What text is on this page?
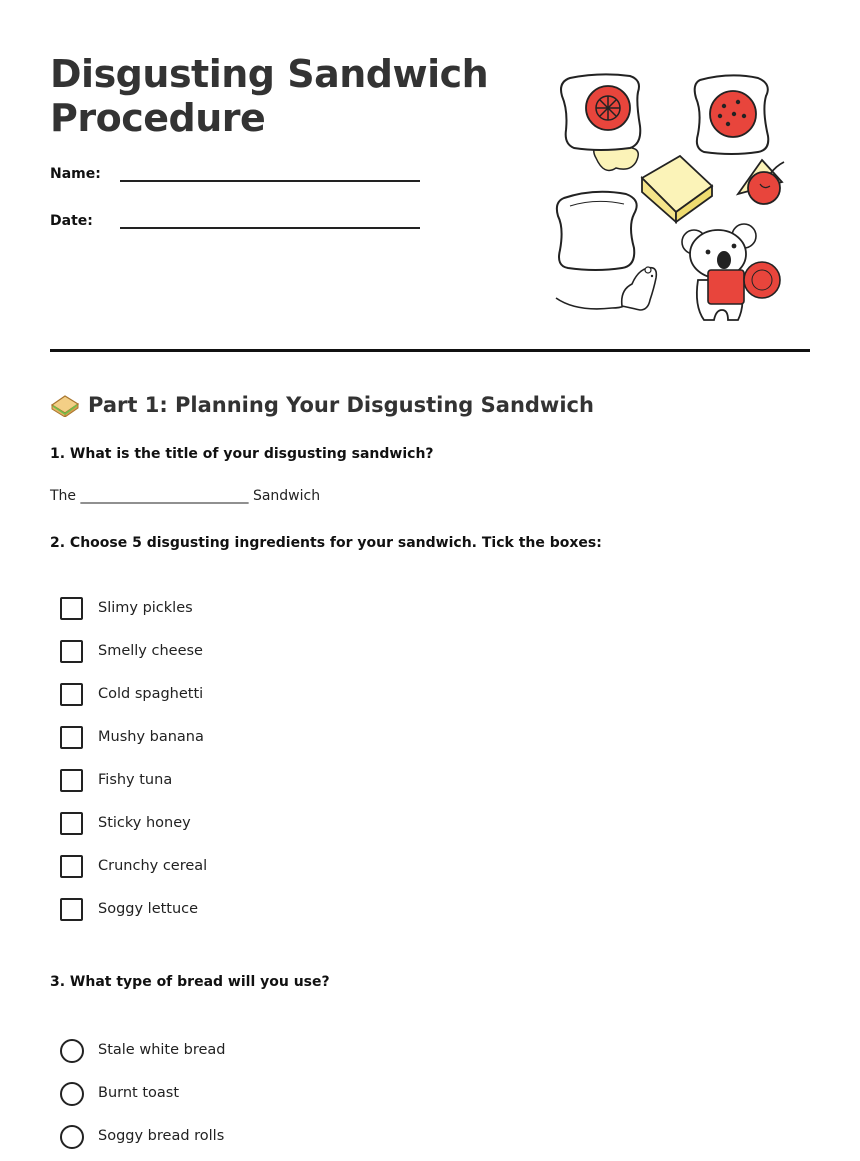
Disgusting Sandwich Procedure
Name:
Date:
Part 1: Planning Your Disgusting Sandwich

1. What is the title of your disgusting sandwich?

The ________________________ Sandwich

2. Choose 5 disgusting ingredients for your sandwich. Tick the boxes:

Slimy pickles
Smelly cheese
Cold spaghetti
Mushy banana
Fishy tuna
Sticky honey
Crunchy cereal
Soggy lettuce

3. What type of bread will you use?

Stale white bread
Burnt toast
Soggy bread rolls
